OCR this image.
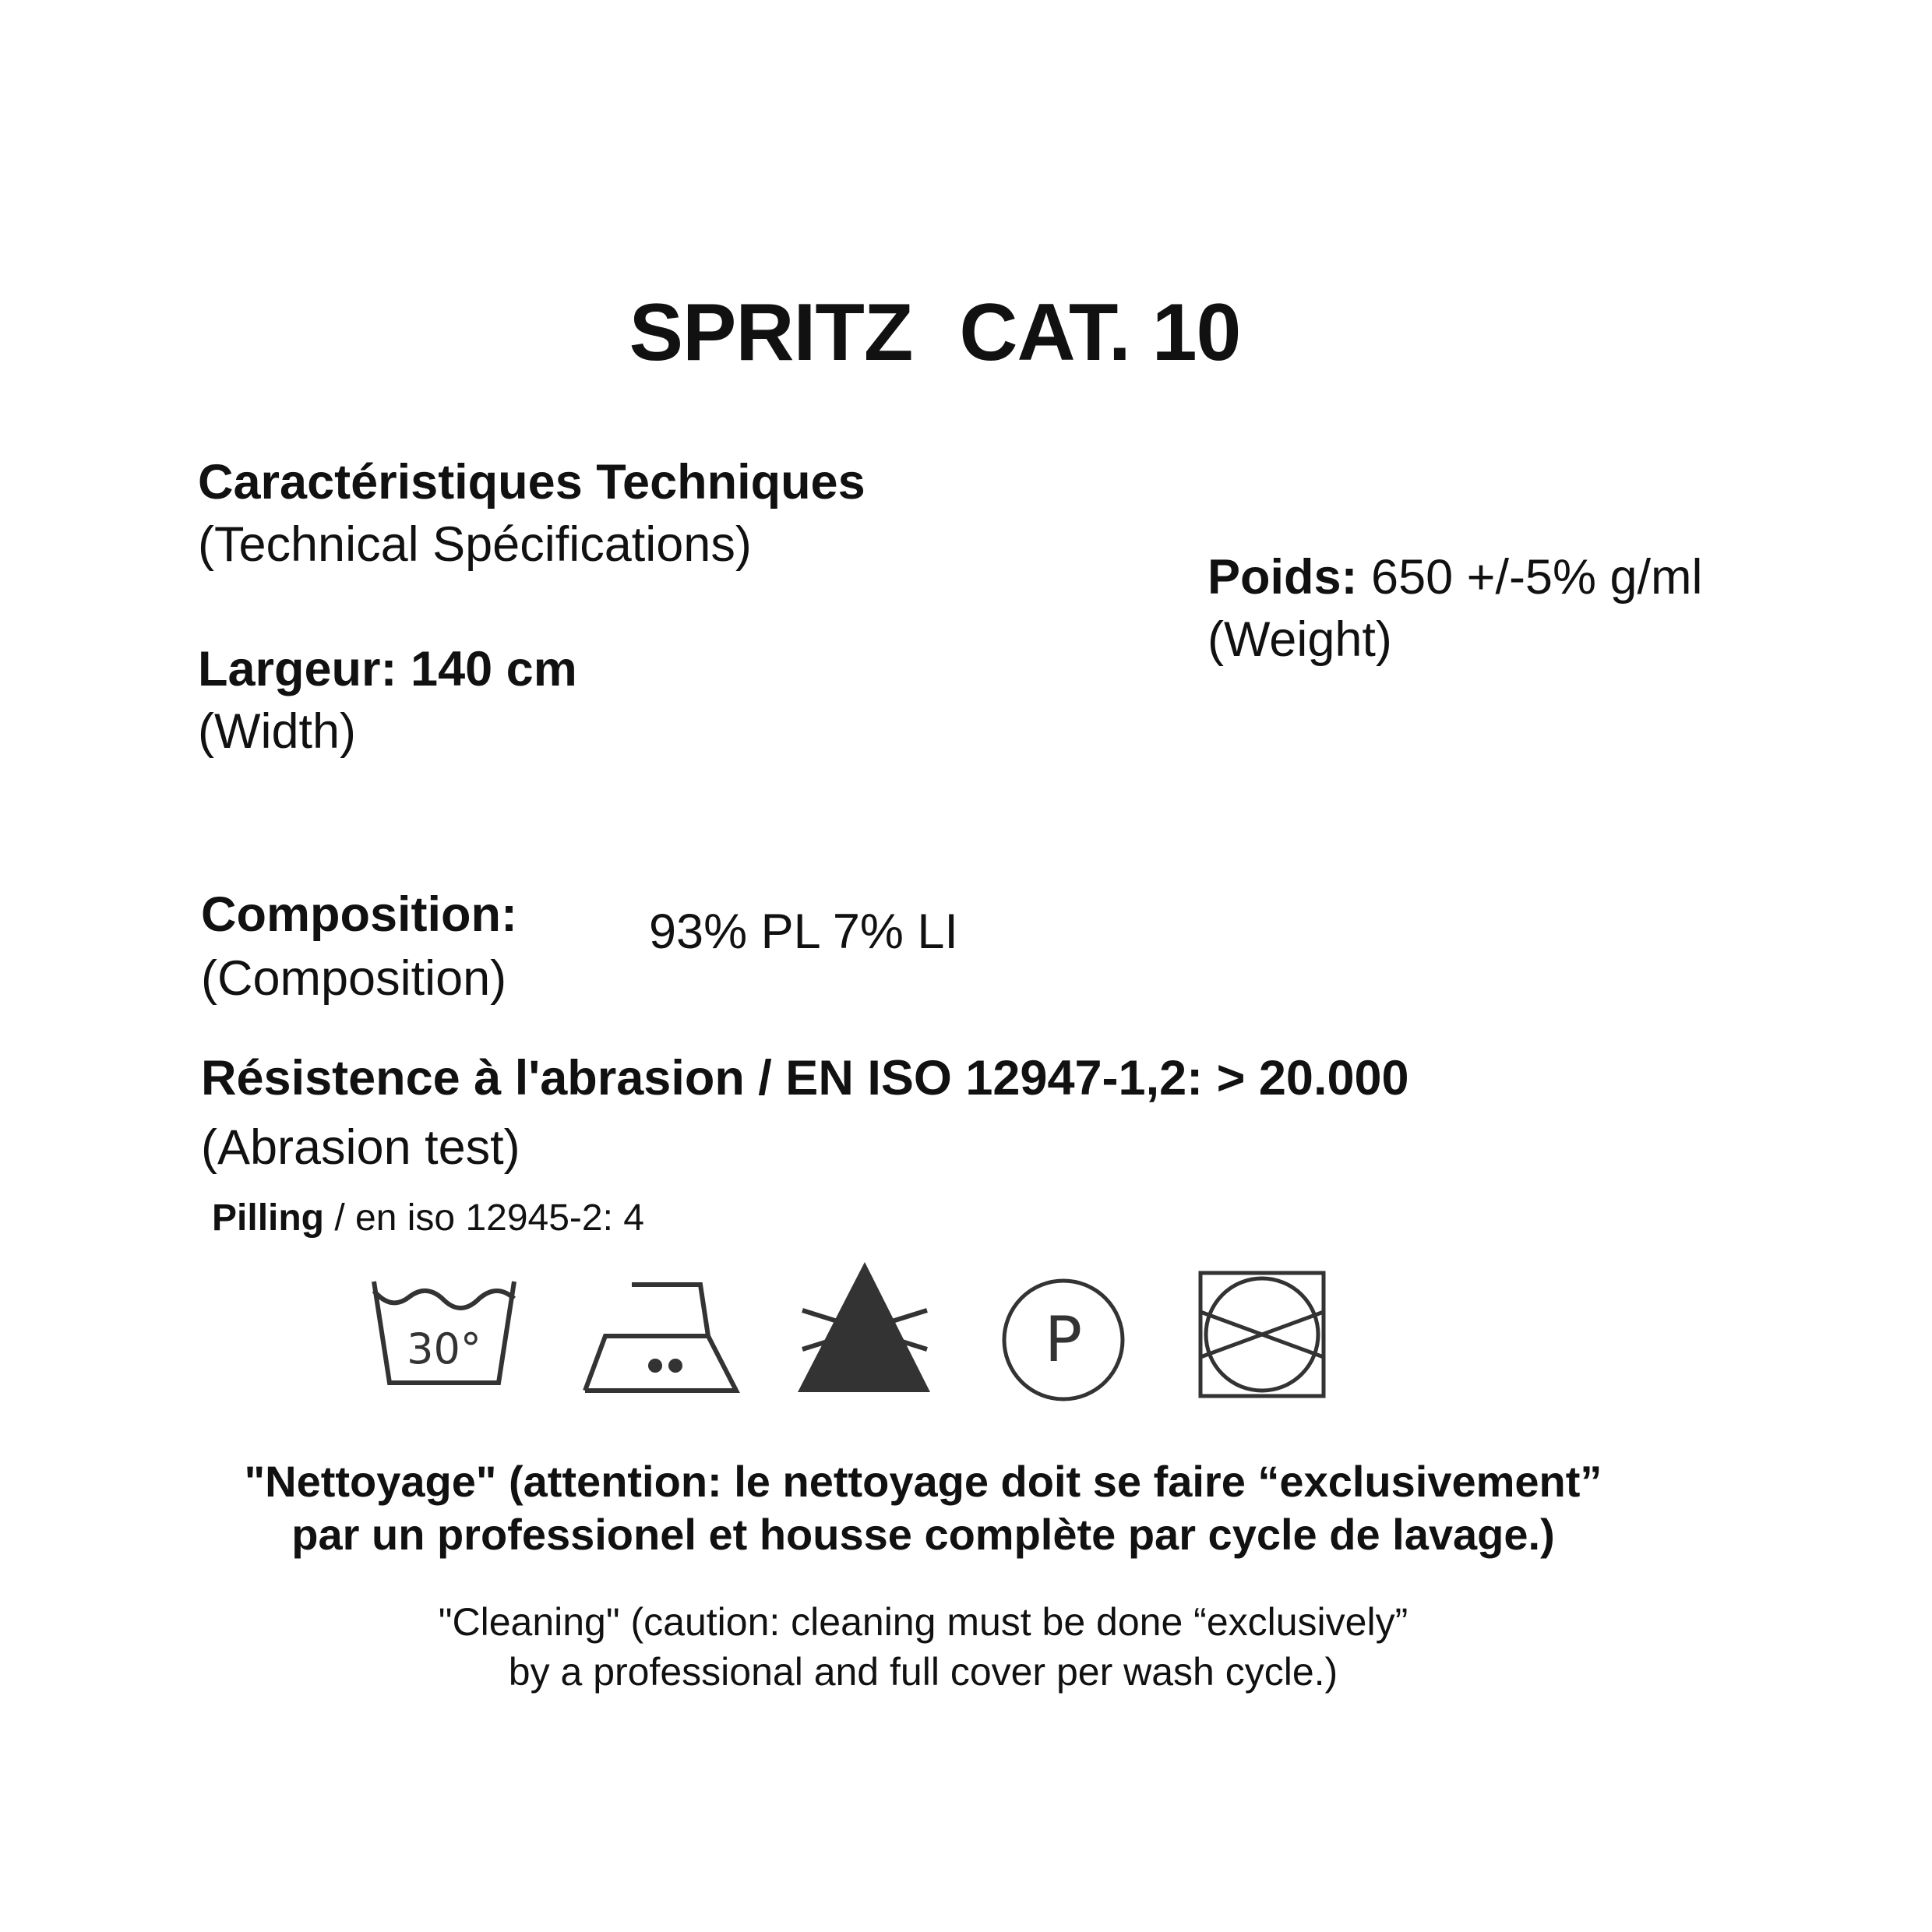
SPRITZ CAT. 10
Caractéristiques Techniques
(Technical Spécifications)
Largeur: 140 cm
(Width)
Poids: 650 +/-5% g/ml
(Weight)
Composition:
(Composition)
93% PL 7% LI
Résistence à l'abrasion / EN ISO 12947-1,2: > 20.000
(Abrasion test)
Pilling / en iso 12945-2: 4
30°	P
"Nettoyage" (attention: le nettoyage doit se faire “exclusivement”
par un professionel et housse complète par cycle de lavage.)
"Cleaning" (caution: cleaning must be done “exclusively”
by a professional and full cover per wash cycle.)
